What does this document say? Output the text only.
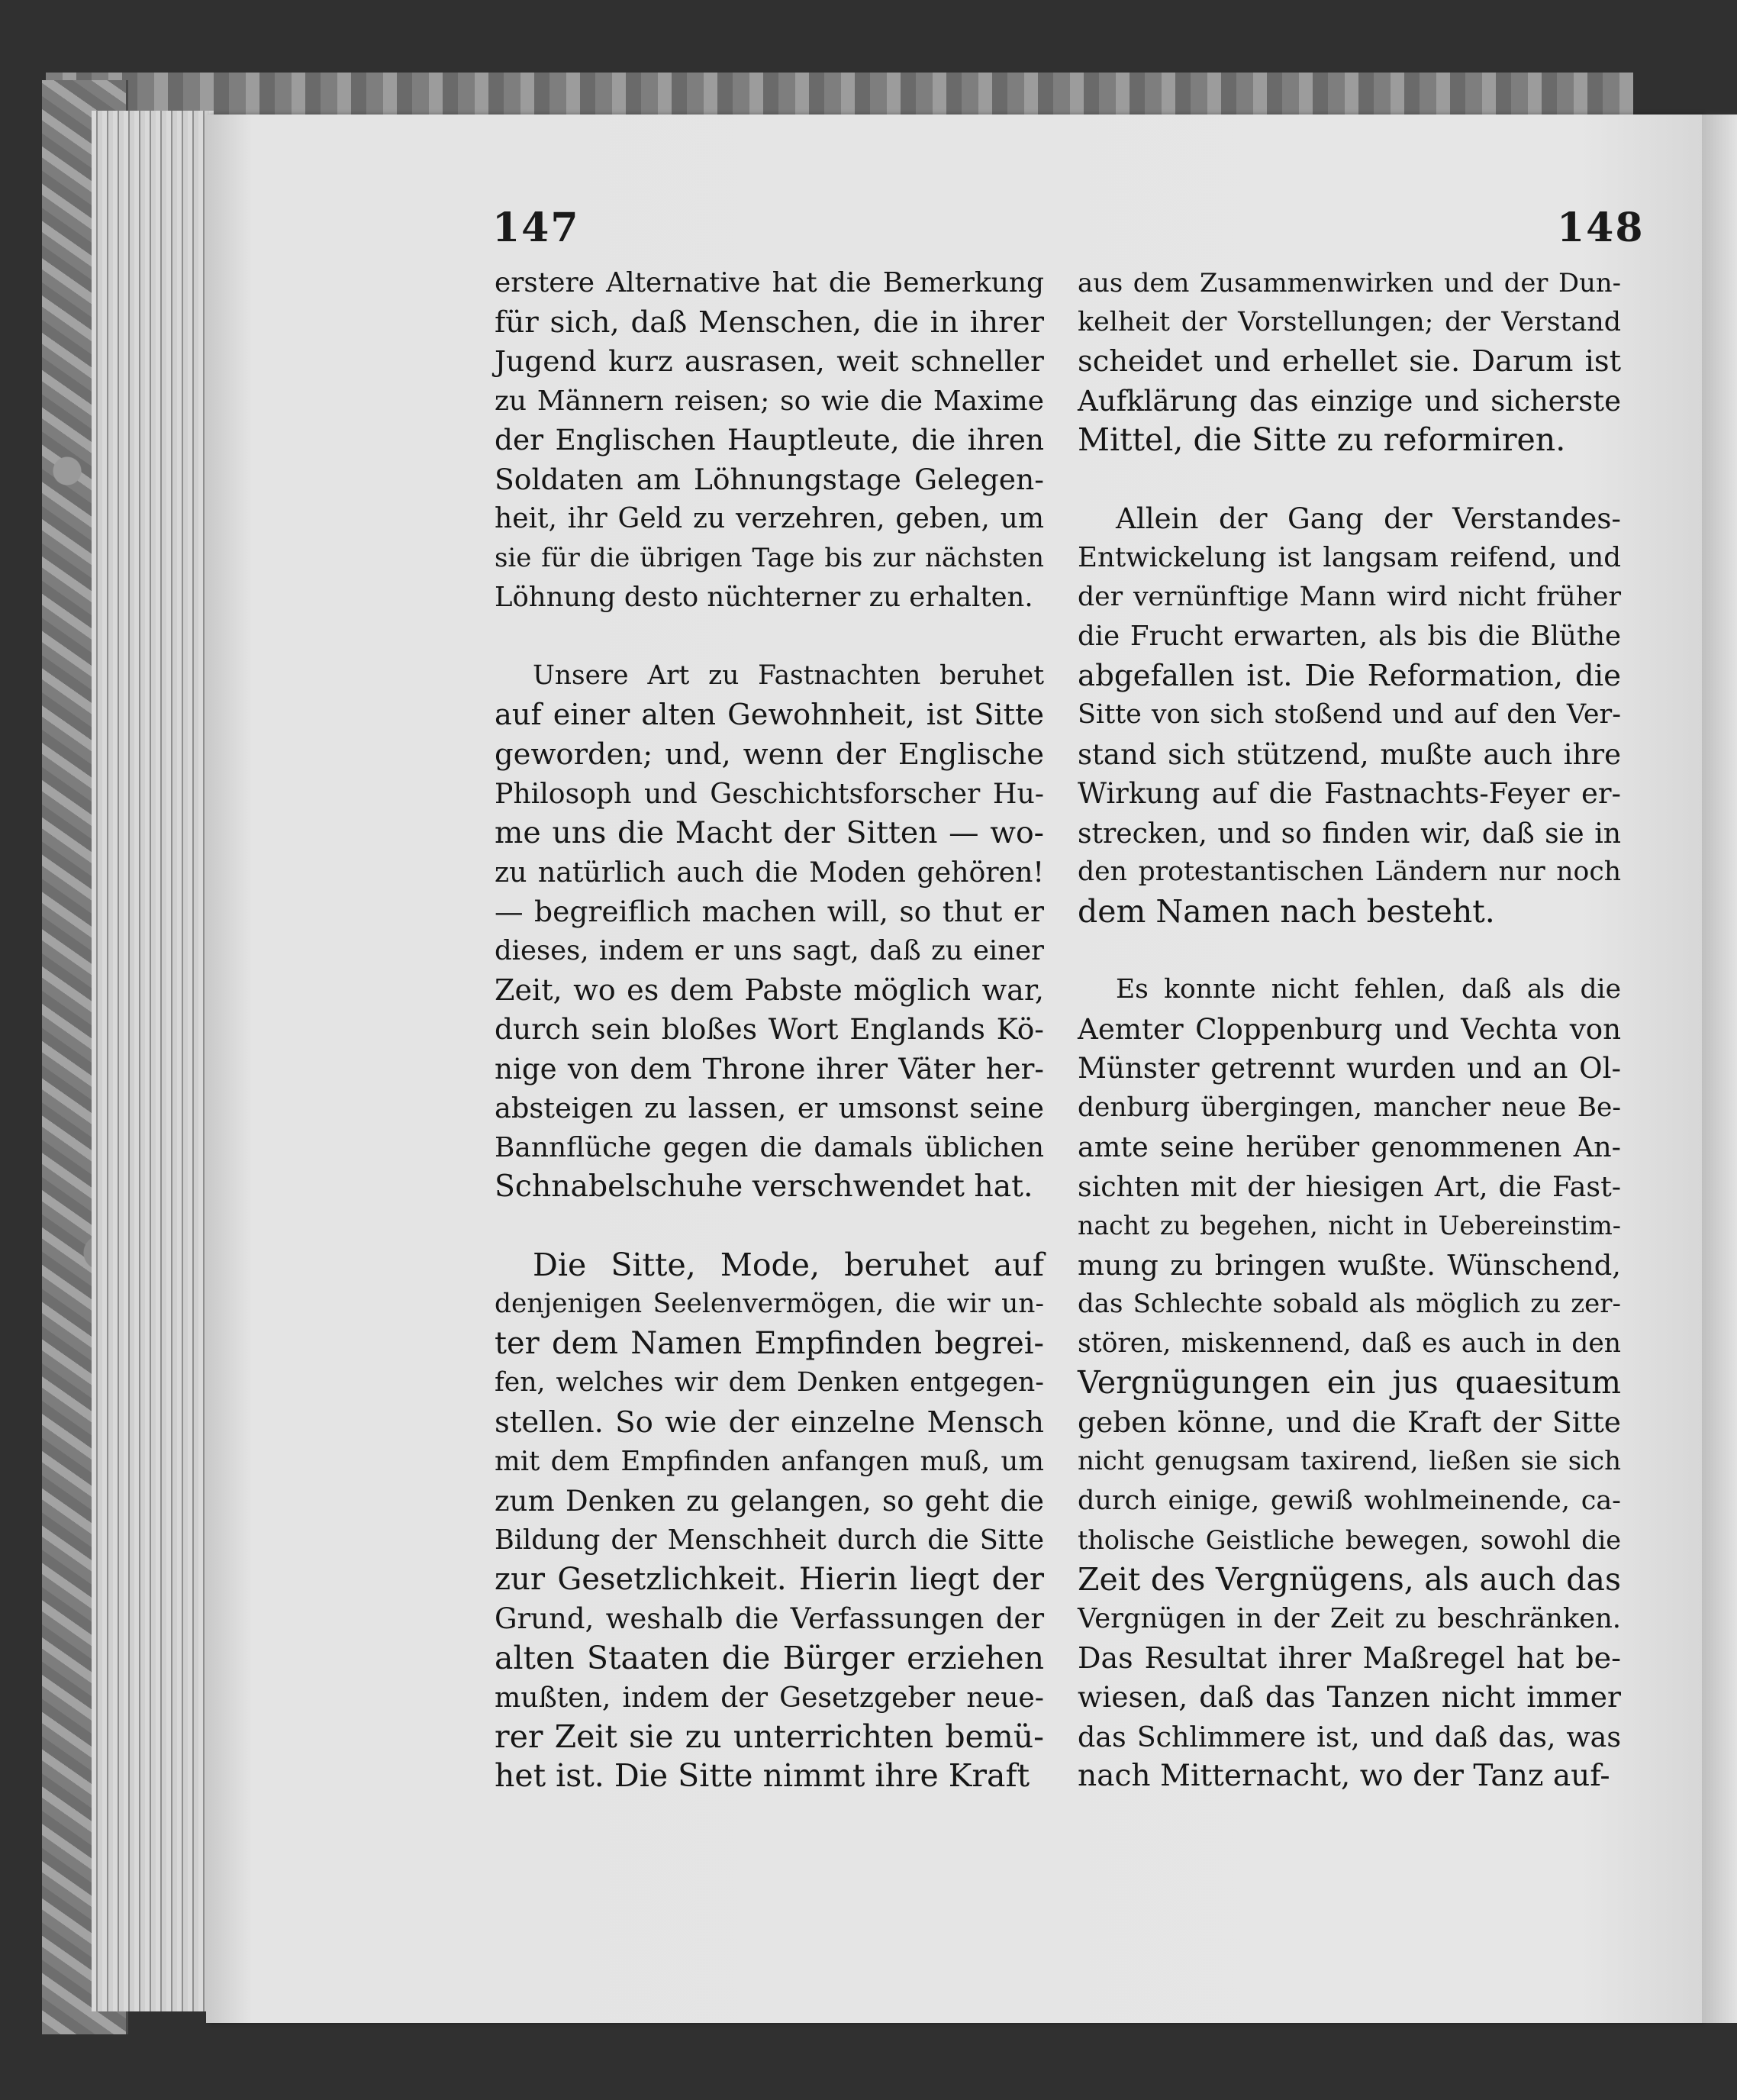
147	148
erstere Alternative hat die Bemerkung
für sich, daß Menschen, die in ihrer
Jugend kurz ausrasen, weit schneller
zu Männern reisen; so wie die Maxime
der Englischen Hauptleute, die ihren
Soldaten am Löhnungstage Gelegen-
heit, ihr Geld zu verzehren, geben, um
sie für die übrigen Tage bis zur nächsten
Löhnung desto nüchterner zu erhalten.
Unsere Art zu Fastnachten beruhet
auf einer alten Gewohnheit, ist Sitte
geworden; und, wenn der Englische
Philosoph und Geschichtsforscher Hu-
me uns die Macht der Sitten — wo-
zu natürlich auch die Moden gehören!
— begreiflich machen will, so thut er
dieses, indem er uns sagt, daß zu einer
Zeit, wo es dem Pabste möglich war,
durch sein bloßes Wort Englands Kö-
nige von dem Throne ihrer Väter her-
absteigen zu lassen, er umsonst seine
Bannflüche gegen die damals üblichen
Schnabelschuhe verschwendet hat.
Die Sitte, Mode, beruhet auf
denjenigen Seelenvermögen, die wir un-
ter dem Namen Empfinden begrei-
fen, welches wir dem Denken entgegen-
stellen. So wie der einzelne Mensch
mit dem Empfinden anfangen muß, um
zum Denken zu gelangen, so geht die
Bildung der Menschheit durch die Sitte
zur Gesetzlichkeit. Hierin liegt der
Grund, weshalb die Verfassungen der
alten Staaten die Bürger erziehen
mußten, indem der Gesetzgeber neue-
rer Zeit sie zu unterrichten bemü-
het ist. Die Sitte nimmt ihre Kraft
aus dem Zusammenwirken und der Dun-
kelheit der Vorstellungen; der Verstand
scheidet und erhellet sie. Darum ist
Aufklärung das einzige und sicherste
Mittel, die Sitte zu reformiren.
Allein der Gang der Verstandes-
Entwickelung ist langsam reifend, und
der vernünftige Mann wird nicht früher
die Frucht erwarten, als bis die Blüthe
abgefallen ist. Die Reformation, die
Sitte von sich stoßend und auf den Ver-
stand sich stützend, mußte auch ihre
Wirkung auf die Fastnachts-Feyer er-
strecken, und so finden wir, daß sie in
den protestantischen Ländern nur noch
dem Namen nach besteht.
Es konnte nicht fehlen, daß als die
Aemter Cloppenburg und Vechta von
Münster getrennt wurden und an Ol-
denburg übergingen, mancher neue Be-
amte seine herüber genommenen An-
sichten mit der hiesigen Art, die Fast-
nacht zu begehen, nicht in Uebereinstim-
mung zu bringen wußte. Wünschend,
das Schlechte sobald als möglich zu zer-
stören, miskennend, daß es auch in den
Vergnügungen ein jus quaesitum
geben könne, und die Kraft der Sitte
nicht genugsam taxirend, ließen sie sich
durch einige, gewiß wohlmeinende, ca-
tholische Geistliche bewegen, sowohl die
Zeit des Vergnügens, als auch das
Vergnügen in der Zeit zu beschränken.
Das Resultat ihrer Maßregel hat be-
wiesen, daß das Tanzen nicht immer
das Schlimmere ist, und daß das, was
nach Mitternacht, wo der Tanz auf-
